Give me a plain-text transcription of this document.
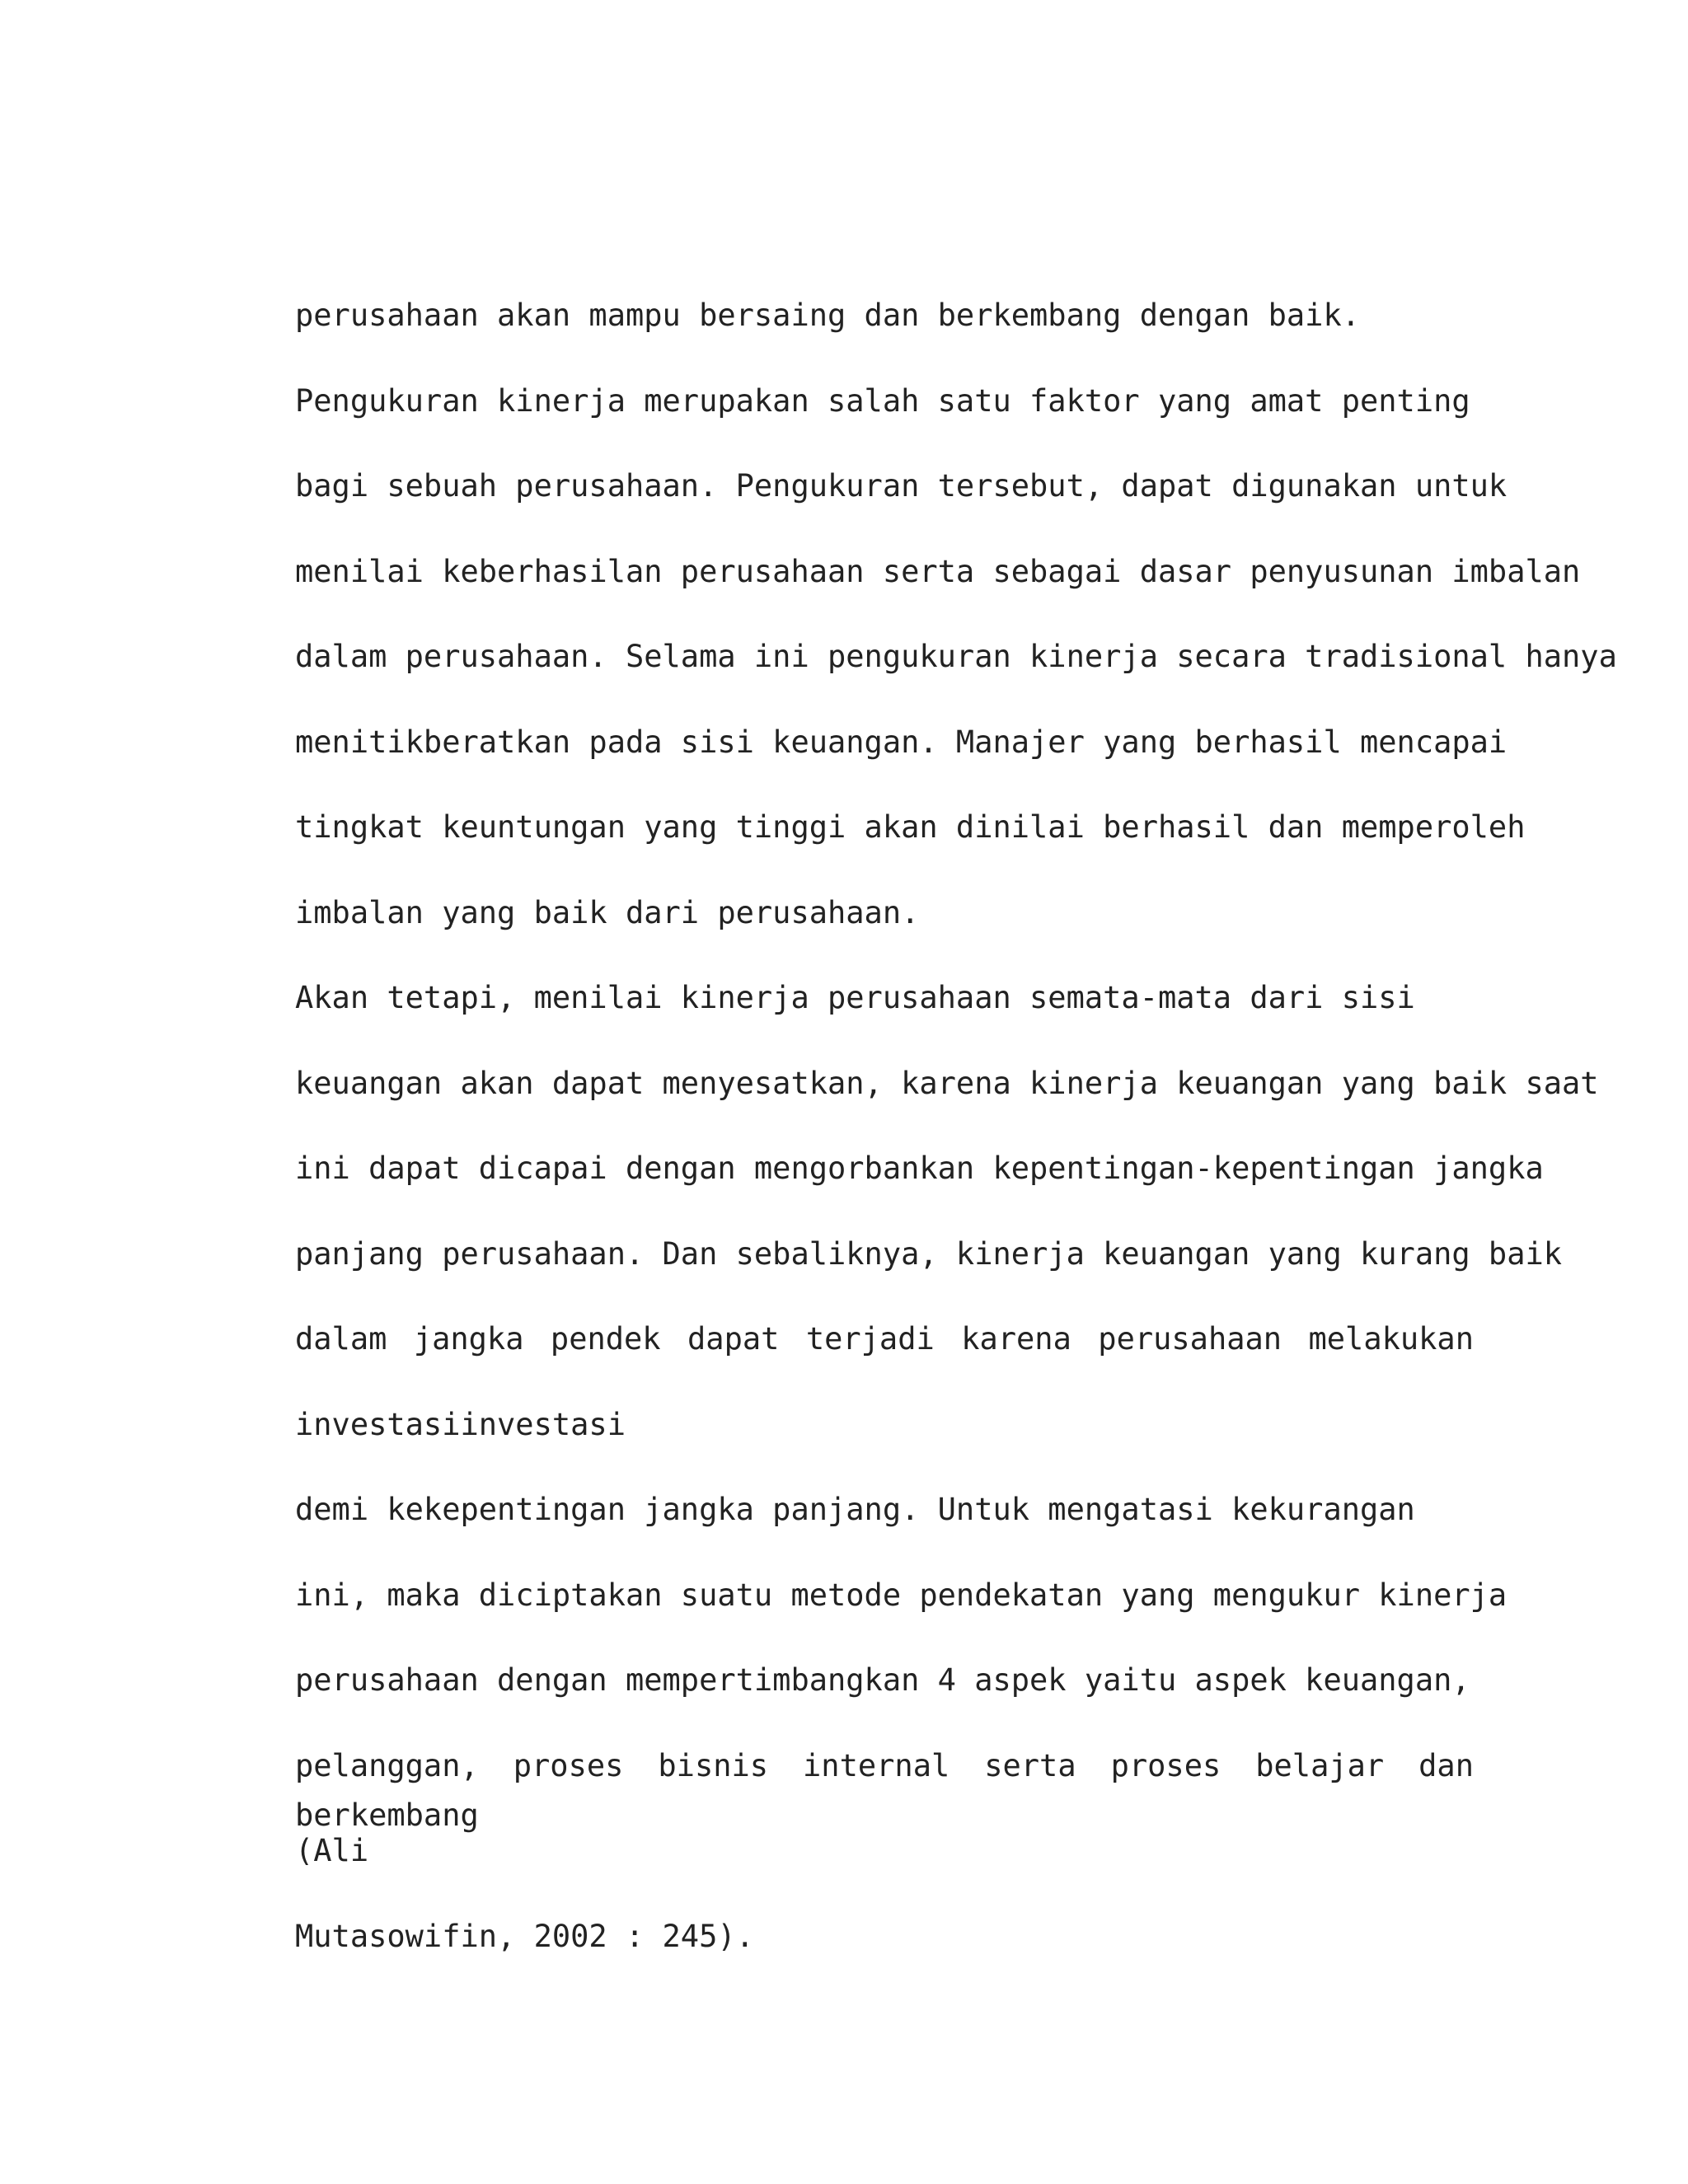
perusahaan akan mampu bersaing dan berkembang dengan baik.
Pengukuran kinerja merupakan salah satu faktor yang amat penting
bagi sebuah perusahaan. Pengukuran tersebut, dapat digunakan untuk
menilai keberhasilan perusahaan serta sebagai dasar penyusunan imbalan
dalam perusahaan. Selama ini pengukuran kinerja secara tradisional hanya
menitikberatkan pada sisi keuangan. Manajer yang berhasil mencapai
tingkat keuntungan yang tinggi akan dinilai berhasil dan memperoleh
imbalan yang baik dari perusahaan.
Akan tetapi, menilai kinerja perusahaan semata-mata dari sisi
keuangan akan dapat menyesatkan, karena kinerja keuangan yang baik saat
ini dapat dicapai dengan mengorbankan kepentingan-kepentingan jangka
panjang perusahaan. Dan sebaliknya, kinerja keuangan yang kurang baik
dalam jangka pendek dapat terjadi karena perusahaan melakukan
investasiinvestasi
demi kekepentingan jangka panjang. Untuk mengatasi kekurangan
ini, maka diciptakan suatu metode pendekatan yang mengukur kinerja
perusahaan dengan mempertimbangkan 4 aspek yaitu aspek keuangan,
pelanggan, proses bisnis internal serta proses belajar dan berkembang
(Ali
Mutasowifin, 2002 : 245).
